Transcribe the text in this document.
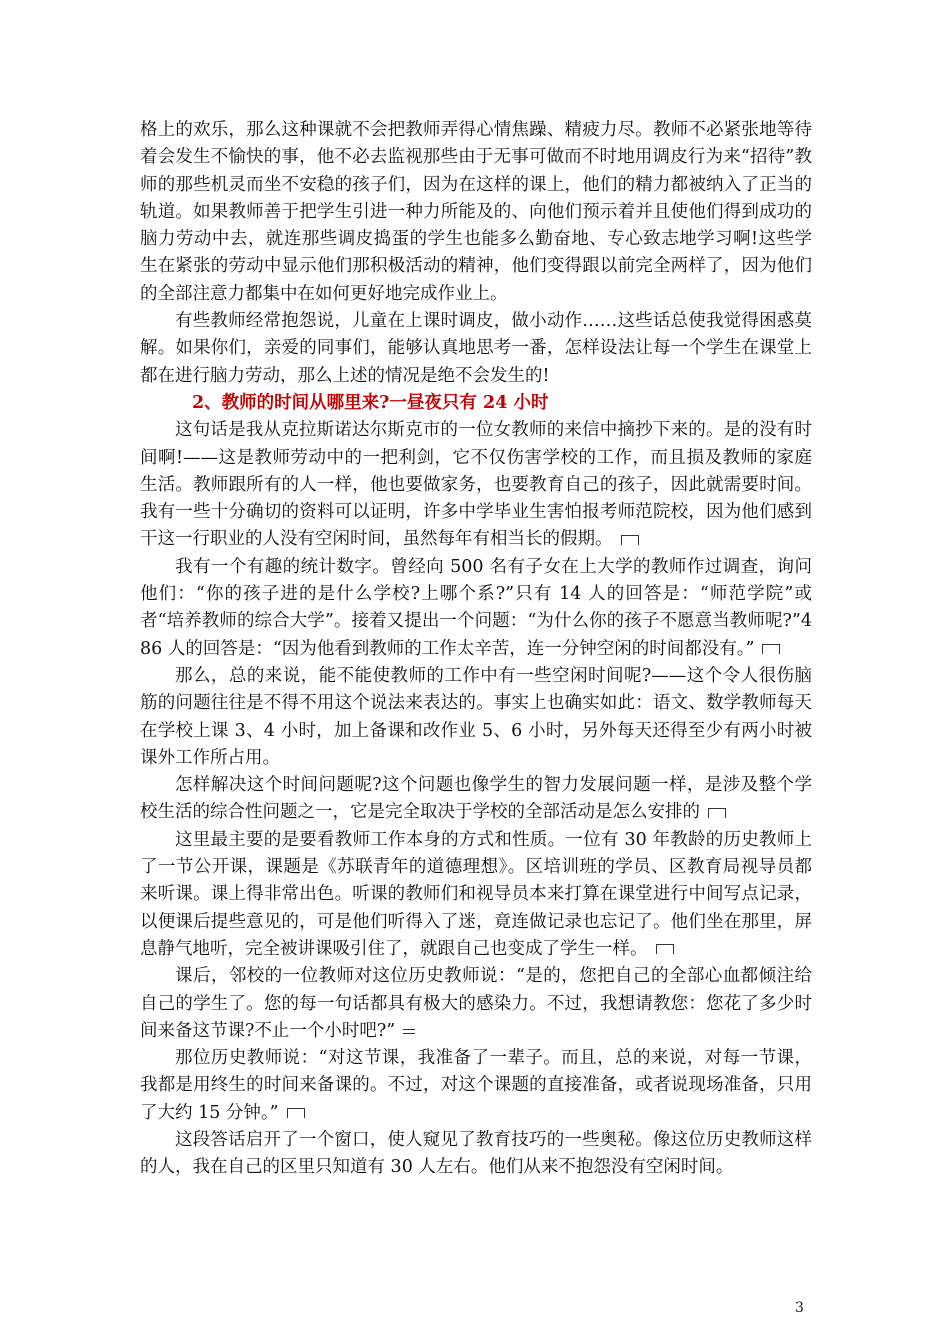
格上的欢乐，那么这种课就不会把教师弄得心情焦躁、精疲力尽。教师不必紧张地等待着会发生不愉快的事，他不必去监视那些由于无事可做而不时地用调皮行为来“招待”教师的那些机灵而坐不安稳的孩子们，因为在这样的课上，他们的精力都被纳入了正当的轨道。如果教师善于把学生引进一种力所能及的、向他们预示着并且使他们得到成功的脑力劳动中去，就连那些调皮捣蛋的学生也能多么勤奋地、专心致志地学习啊!这些学生在紧张的劳动中显示他们那积极活动的精神，他们变得跟以前完全两样了，因为他们的全部注意力都集中在如何更好地完成作业上。

有些教师经常抱怨说，儿童在上课时调皮，做小动作……这些话总使我觉得困惑莫解。如果你们，亲爱的同事们，能够认真地思考一番，怎样设法让每一个学生在课堂上都在进行脑力劳动，那么上述的情况是绝不会发生的!

2、教师的时间从哪里来?一昼夜只有 24 小时

这句话是我从克拉斯诺达尔斯克市的一位女教师的来信中摘抄下来的。是的没有时间啊!——这是教师劳动中的一把利剑，它不仅伤害学校的工作，而且损及教师的家庭生活。教师跟所有的人一样，他也要做家务，也要教育自己的孩子，因此就需要时间。我有一些十分确切的资料可以证明，许多中学毕业生害怕报考师范院校，因为他们感到干这一行职业的人没有空闲时间，虽然每年有相当长的假期。

我有一个有趣的统计数字。曾经向 500 名有子女在上大学的教师作过调查，询问他们：“你的孩子进的是什么学校?上哪个系?”只有 14 人的回答是：“师范学院”或者“培养教师的综合大学”。接着又提出一个问题：“为什么你的孩子不愿意当教师呢?”486 人的回答是：“因为他看到教师的工作太辛苦，连一分钟空闲的时间都没有。”

那么，总的来说，能不能使教师的工作中有一些空闲时间呢?——这个令人很伤脑筋的问题往往是不得不用这个说法来表达的。事实上也确实如此：语文、数学教师每天在学校上课 3、4 小时，加上备课和改作业 5、6 小时，另外每天还得至少有两小时被课外工作所占用。

怎样解决这个时间问题呢?这个问题也像学生的智力发展问题一样，是涉及整个学校生活的综合性问题之一，它是完全取决于学校的全部活动是怎么安排的

这里最主要的是要看教师工作本身的方式和性质。一位有 30 年教龄的历史教师上了一节公开课，课题是《苏联青年的道德理想》。区培训班的学员、区教育局视导员都来听课。课上得非常出色。听课的教师们和视导员本来打算在课堂进行中间写点记录，以便课后提些意见的，可是他们听得入了迷，竟连做记录也忘记了。他们坐在那里，屏息静气地听，完全被讲课吸引住了，就跟自己也变成了学生一样。

课后，邻校的一位教师对这位历史教师说：“是的，您把自己的全部心血都倾注给自己的学生了。您的每一句话都具有极大的感染力。不过，我想请教您：您花了多少时间来备这节课?不止一个小时吧?”

那位历史教师说：“对这节课，我准备了一辈子。而且，总的来说，对每一节课，我都是用终生的时间来备课的。不过，对这个课题的直接准备，或者说现场准备，只用了大约 15 分钟。”

这段答话启开了一个窗口，使人窥见了教育技巧的一些奥秘。像这位历史教师这样的人，我在自己的区里只知道有 30 人左右。他们从来不抱怨没有空闲时间。

3
